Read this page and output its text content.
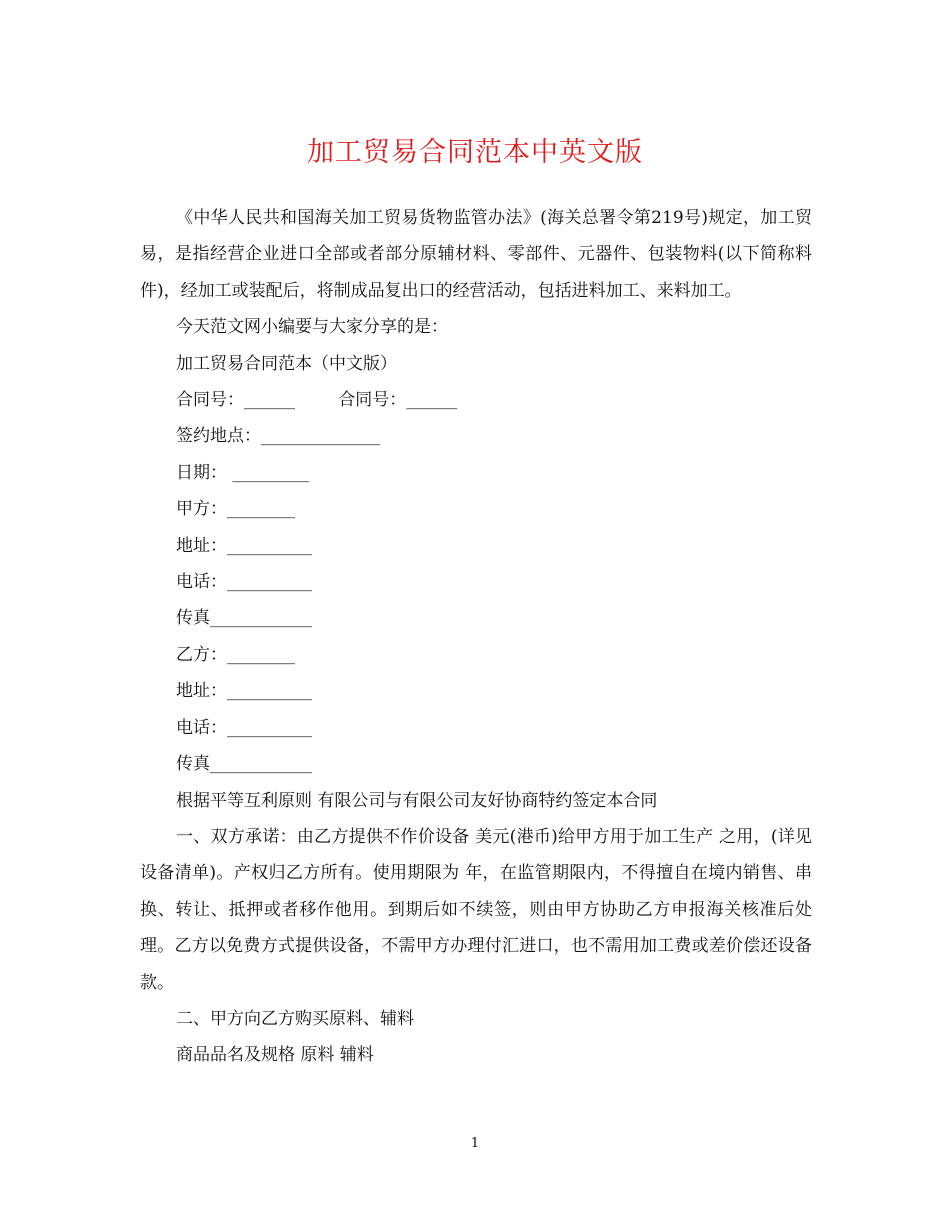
加工贸易合同范本中英文版

《中华人民共和国海关加工贸易货物监管办法》(海关总署令第219号)规定，加工贸易，是指经营企业进口全部或者部分原辅材料、零部件、元器件、包装物料(以下简称料件)，经加工或装配后，将制成品复出口的经营活动，包括进料加工、来料加工。

今天范文网小编要与大家分享的是：

加工贸易合同范本（中文版）

合同号：______        合同号：______

签约地点：______________

日期： _________

甲方：________

地址：__________

电话：__________

传真____________

乙方：________

地址：__________

电话：__________

传真____________

根据平等互利原则 有限公司与有限公司友好协商特约签定本合同

一、双方承诺：由乙方提供不作价设备 美元(港币)给甲方用于加工生产 之用，(详见设备清单)。产权归乙方所有。使用期限为 年，在监管期限内，不得擅自在境内销售、串换、转让、抵押或者移作他用。到期后如不续签，则由甲方协助乙方申报海关核准后处理。乙方以免费方式提供设备，不需甲方办理付汇进口，也不需用加工费或差价偿还设备款。

二、甲方向乙方购买原料、辅料

商品品名及规格 原料 辅料

1
